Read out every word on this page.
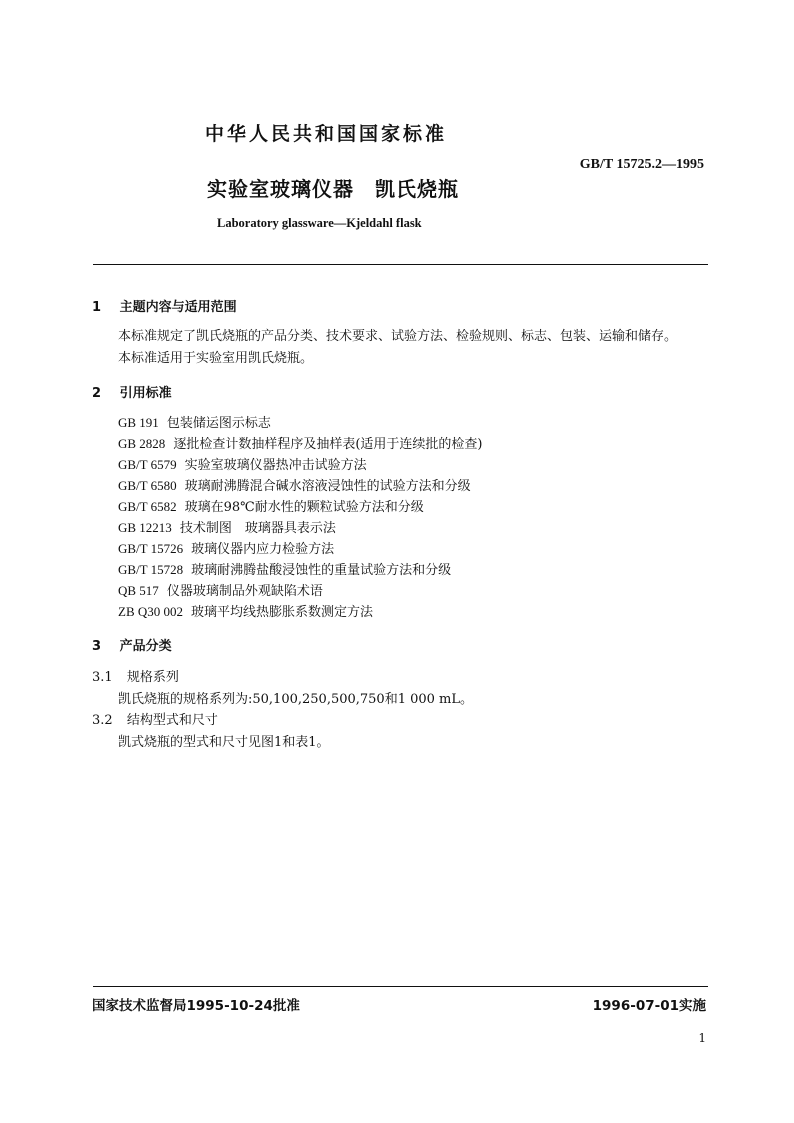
中华人民共和国国家标准
GB/T 15725.2—1995
实验室玻璃仪器　凯氏烧瓶
Laboratory glassware—Kjeldahl flask
1 主题内容与适用范围
本标准规定了凯氏烧瓶的产品分类、技术要求、试验方法、检验规则、标志、包装、运输和储存。
本标准适用于实验室用凯氏烧瓶。
2 引用标准
GB 191 包装储运图示标志
GB 2828 逐批检查计数抽样程序及抽样表(适用于连续批的检查)
GB/T 6579 实验室玻璃仪器热冲击试验方法
GB/T 6580 玻璃耐沸腾混合碱水溶液浸蚀性的试验方法和分级
GB/T 6582 玻璃在98℃耐水性的颗粒试验方法和分级
GB 12213 技术制图　玻璃器具表示法
GB/T 15726 玻璃仪器内应力检验方法
GB/T 15728 玻璃耐沸腾盐酸浸蚀性的重量试验方法和分级
QB 517 仪器玻璃制品外观缺陷术语
ZB Q30 002 玻璃平均线热膨胀系数测定方法
3 产品分类
3.1 规格系列
凯氏烧瓶的规格系列为:50,100,250,500,750和1 000 mL。
3.2 结构型式和尺寸
凯式烧瓶的型式和尺寸见图1和表1。
国家技术监督局1995-10-24批准	1996-07-01实施
1
